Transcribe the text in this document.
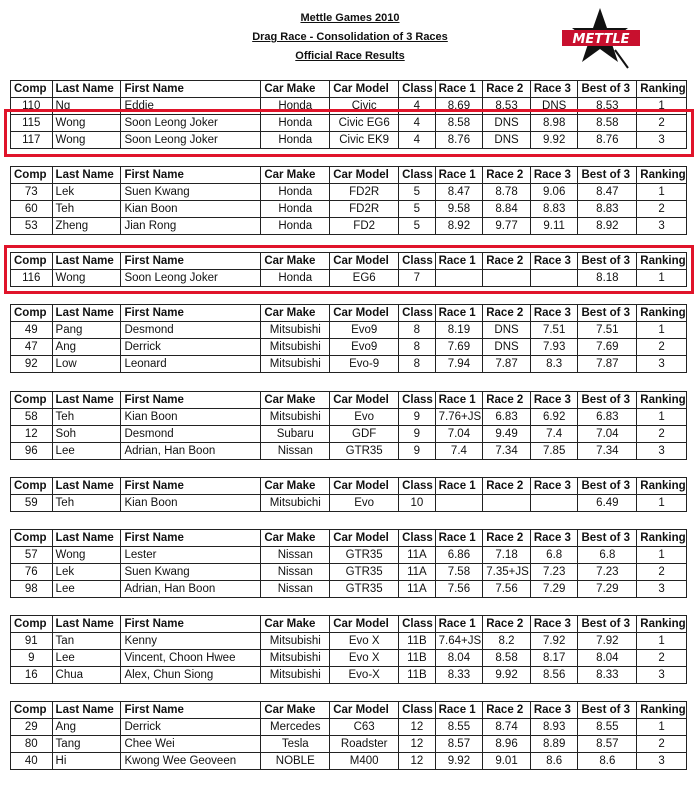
Mettle Games 2010
Drag Race - Consolidation of 3 Races
Official Race Results
METTLE
Comp	Last Name	First Name	Car Make	Car Model	Class	Race 1	Race 2	Race 3	Best of 3	Ranking
110	Ng	Eddie	Honda	Civic	4	8.69	8.53	DNS	8.53	1
115	Wong	Soon Leong Joker	Honda	Civic EG6	4	8.58	DNS	8.98	8.58	2
117	Wong	Soon Leong Joker	Honda	Civic EK9	4	8.76	DNS	9.92	8.76	3
Comp	Last Name	First Name	Car Make	Car Model	Class	Race 1	Race 2	Race 3	Best of 3	Ranking
73	Lek	Suen Kwang	Honda	FD2R	5	8.47	8.78	9.06	8.47	1
60	Teh	Kian Boon	Honda	FD2R	5	9.58	8.84	8.83	8.83	2
53	Zheng	Jian Rong	Honda	FD2	5	8.92	9.77	9.11	8.92	3
Comp	Last Name	First Name	Car Make	Car Model	Class	Race 1	Race 2	Race 3	Best of 3	Ranking
116	Wong	Soon Leong Joker	Honda	EG6	7				8.18	1
Comp	Last Name	First Name	Car Make	Car Model	Class	Race 1	Race 2	Race 3	Best of 3	Ranking
49	Pang	Desmond	Mitsubishi	Evo9	8	8.19	DNS	7.51	7.51	1
47	Ang	Derrick	Mitsubishi	Evo9	8	7.69	DNS	7.93	7.69	2
92	Low	Leonard	Mitsubishi	Evo-9	8	7.94	7.87	8.3	7.87	3
Comp	Last Name	First Name	Car Make	Car Model	Class	Race 1	Race 2	Race 3	Best of 3	Ranking
58	Teh	Kian Boon	Mitsubishi	Evo	9	7.76+JS	6.83	6.92	6.83	1
12	Soh	Desmond	Subaru	GDF	9	7.04	9.49	7.4	7.04	2
96	Lee	Adrian, Han Boon	Nissan	GTR35	9	7.4	7.34	7.85	7.34	3
Comp	Last Name	First Name	Car Make	Car Model	Class	Race 1	Race 2	Race 3	Best of 3	Ranking
59	Teh	Kian Boon	Mitsubichi	Evo	10				6.49	1
Comp	Last Name	First Name	Car Make	Car Model	Class	Race 1	Race 2	Race 3	Best of 3	Ranking
57	Wong	Lester	Nissan	GTR35	11A	6.86	7.18	6.8	6.8	1
76	Lek	Suen Kwang	Nissan	GTR35	11A	7.58	7.35+JS	7.23	7.23	2
98	Lee	Adrian, Han Boon	Nissan	GTR35	11A	7.56	7.56	7.29	7.29	3
Comp	Last Name	First Name	Car Make	Car Model	Class	Race 1	Race 2	Race 3	Best of 3	Ranking
91	Tan	Kenny	Mitsubishi	Evo X	11B	7.64+JS	8.2	7.92	7.92	1
9	Lee	Vincent, Choon Hwee	Mitsubishi	Evo X	11B	8.04	8.58	8.17	8.04	2
16	Chua	Alex, Chun Siong	Mitsubishi	Evo-X	11B	8.33	9.92	8.56	8.33	3
Comp	Last Name	First Name	Car Make	Car Model	Class	Race 1	Race 2	Race 3	Best of 3	Ranking
29	Ang	Derrick	Mercedes	C63	12	8.55	8.74	8.93	8.55	1
80	Tang	Chee Wei	Tesla	Roadster	12	8.57	8.96	8.89	8.57	2
40	Hi	Kwong Wee Geoveen	NOBLE	M400	12	9.92	9.01	8.6	8.6	3
